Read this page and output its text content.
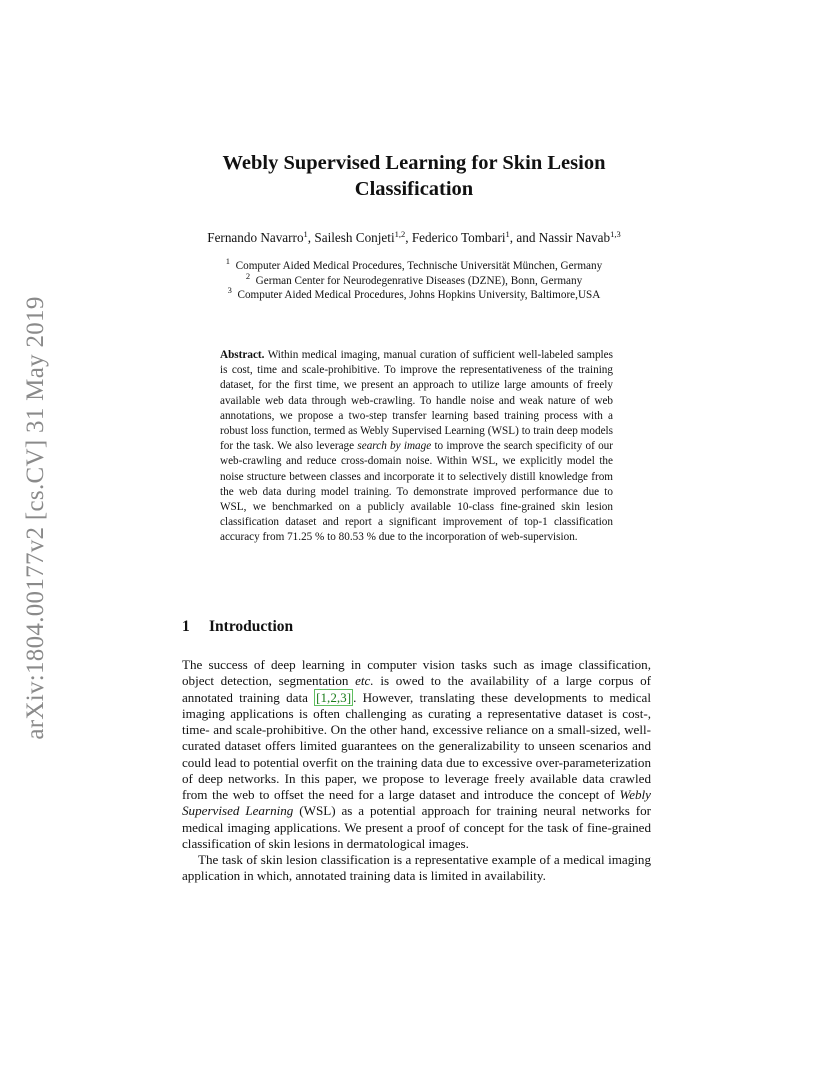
arXiv:1804.00177v2 [cs.CV] 31 May 2019
Webly Supervised Learning for Skin Lesion
Classification
Fernando Navarro$^1$, Sailesh Conjeti$^{1,2}$, Federico Tombari$^1$, and Nassir Navab$^{1,3}$
$^1$ Computer Aided Medical Procedures, Technische Universität München, Germany
$^2$ German Center for Neurodegenrative Diseases (DZNE), Bonn, Germany
$^3$ Computer Aided Medical Procedures, Johns Hopkins University, Baltimore,USA
Abstract. Within medical imaging, manual curation of sufficient well-labeled samples is cost, time and scale-prohibitive. To improve the representativeness of the training dataset, for the first time, we present an approach to utilize large amounts of freely available web data through web-crawling. To handle noise and weak nature of web annotations, we propose a two-step transfer learning based training process with a robust loss function, termed as Webly Supervised Learning (WSL) to train deep models for the task. We also leverage search by image to improve the search specificity of our web-crawling and reduce cross-domain noise. Within WSL, we explicitly model the noise structure between classes and incorporate it to selectively distill knowledge from the web data during model training. To demonstrate improved performance due to WSL, we benchmarked on a publicly available 10-class fine-grained skin lesion classification dataset and report a significant improvement of top-1 classification accuracy from 71.25 % to 80.53 % due to the incorporation of web-supervision.
1 Introduction

The success of deep learning in computer vision tasks such as image classification, object detection, segmentation etc. is owed to the availability of a large corpus of annotated training data [1,2,3] . However, translating these developments to medical imaging applications is often challenging as curating a representative dataset is cost-, time- and scale-prohibitive. On the other hand, excessive reliance on a small-sized, well-curated dataset offers limited guarantees on the generalizability to unseen scenarios and could lead to potential overfit on the training data due to excessive over-parameterization of deep networks. In this paper, we propose to leverage freely available data crawled from the web to offset the need for a large dataset and introduce the concept of Webly Supervised Learning (WSL) as a potential approach for training neural networks for medical imaging applications. We present a proof of concept for the task of fine-grained classification of skin lesions in dermatological images.

The task of skin lesion classification is a representative example of a medical imaging application in which, annotated training data is limited in availability.
